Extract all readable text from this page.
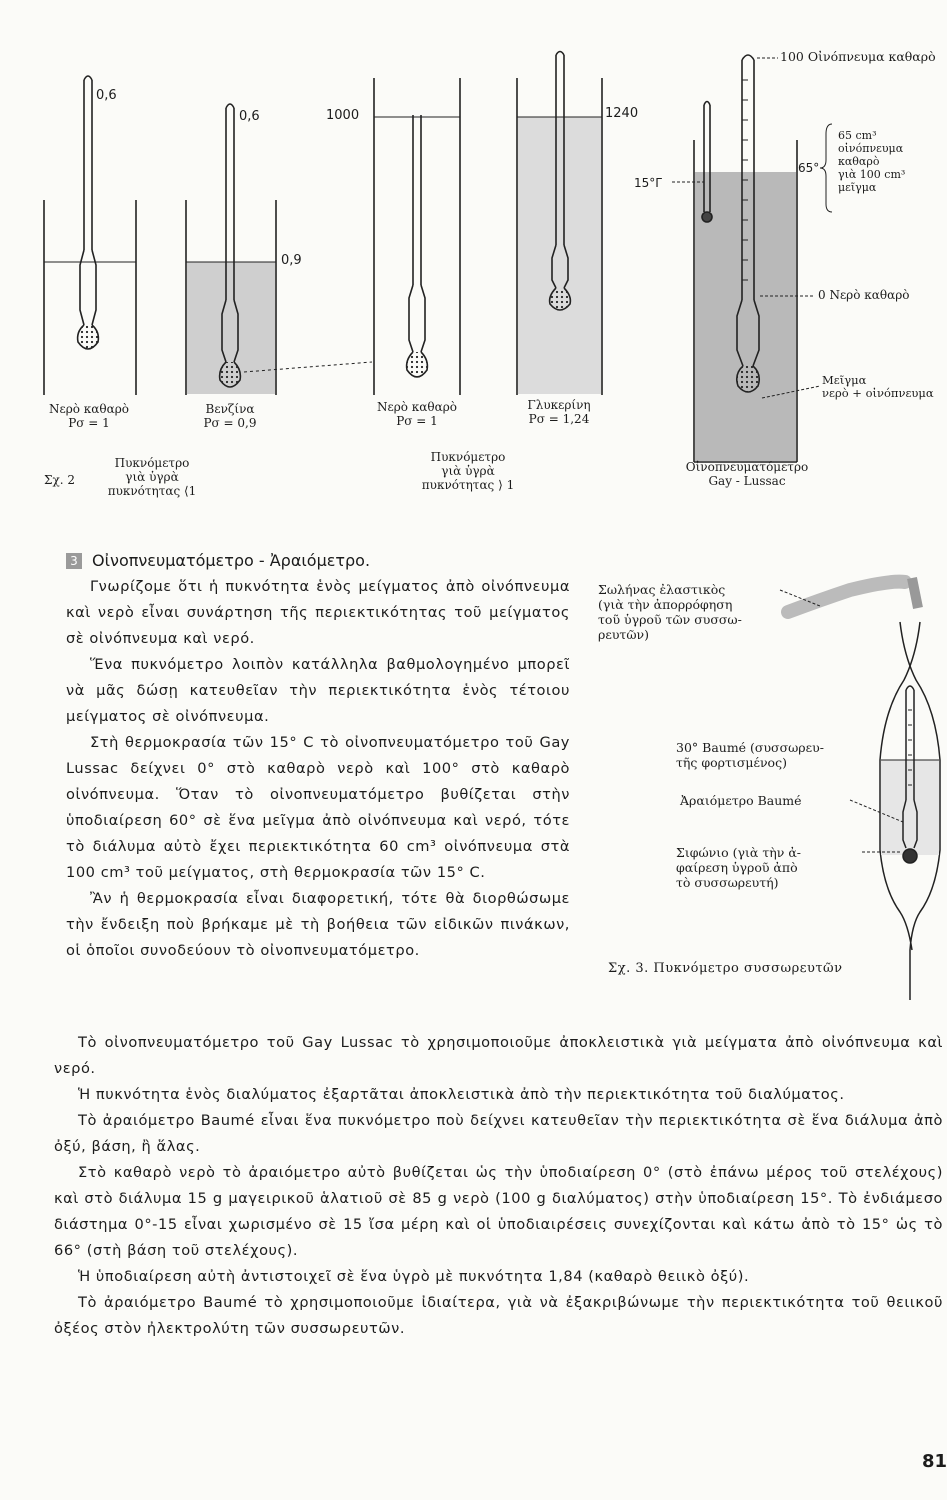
0,6
0,6
0,9
1000	1240
Νερὸ καθαρὸ
Ρσ = 1
Βενζίνα
Ρσ = 0,9
Νερὸ καθαρὸ
Ρσ = 1
Γλυκερίνη
Ρσ = 1,24
Σχ. 2
Πυκνόμετρο
γιὰ ὑγρὰ
πυκνότητας ⟨1
Πυκνόμετρο
γιὰ ὑγρὰ
πυκνότητας ⟩ 1
100 Οἰνόπνευμα καθαρὸ
15°Γ
65°
65 cm³
οἰνόπνευμα
καθαρὸ
γιὰ 100 cm³
μεῖγμα
0 Νερὸ καθαρὸ
Μεῖγμα
νερὸ + οἰνόπνευμα
Οἰνοπνευματόμετρο
Gay - Lussac
3 Οἰνοπνευματόμετρο - Ἀραιόμετρο.

Γνωρίζομε ὅτι ἡ πυκνότητα ἑνὸς μείγματος ἀπὸ οἰνόπνευμα καὶ νερὸ εἶναι συνάρτηση τῆς περιεκτικότητας τοῦ μείγματος σὲ οἰνόπνευμα καὶ νερό.

Ἕνα πυκνόμετρο λοιπὸν κατάλληλα βαθμολογημένο μπορεῖ νὰ μᾶς δώσῃ κατευθεῖαν τὴν περιεκτικότητα ἑνὸς τέτοιου μείγματος σὲ οἰνόπνευμα.

Στὴ θερμοκρασία τῶν 15° C τὸ οἰνοπνευματόμετρο τοῦ Gay Lussac δείχνει 0° στὸ καθαρὸ νερὸ καὶ 100° στὸ καθαρὸ οἰνόπνευμα. Ὅταν τὸ οἰνοπνευματόμετρο βυθίζεται στὴν ὑποδιαίρεση 60° σὲ ἕνα μεῖγμα ἀπὸ οἰνόπνευμα καὶ νερό, τότε τὸ διάλυμα αὐτὸ ἔχει περιεκτικότητα 60 cm³ οἰνόπνευμα στὰ 100 cm³ τοῦ μείγματος, στὴ θερμοκρασία τῶν 15° C.

Ἂν ἡ θερμοκρασία εἶναι διαφορετική, τότε θὰ διορθώσωμε τὴν ἔνδειξη ποὺ βρήκαμε μὲ τὴ βοήθεια τῶν εἰδικῶν πινάκων, οἱ ὁποῖοι συνοδεύουν τὸ οἰνοπνευματόμετρο.

Σωλήνας ἐλαστικὸς
(γιὰ τὴν ἀπορρόφηση
τοῦ ὑγροῦ τῶν συσσω-
ρευτῶν)
30° Baumé (συσσωρευ-
τῆς φορτισμένος)
Ἀραιόμετρο Baumé
Σιφώνιο (γιὰ τὴν ἀ-
φαίρεση ὑγροῦ ἀπὸ
τὸ συσσωρευτή)
Σχ. 3. Πυκνόμετρο συσσωρευτῶν

Τὸ οἰνοπνευματόμετρο τοῦ Gay Lussac τὸ χρησιμοποιοῦμε ἀποκλειστικὰ γιὰ μείγματα ἀπὸ οἰνόπνευμα καὶ νερό.

Ἡ πυκνότητα ἑνὸς διαλύματος ἐξαρτᾶται ἀποκλειστικὰ ἀπὸ τὴν περιεκτικότητα τοῦ διαλύματος.

Τὸ ἀραιόμετρο Baumé εἶναι ἕνα πυκνόμετρο ποὺ δείχνει κατευθεῖαν τὴν περιεκτικότητα σὲ ἕνα διάλυμα ἀπὸ ὀξύ, βάση, ἢ ἅλας.

Στὸ καθαρὸ νερὸ τὸ ἀραιόμετρο αὐτὸ βυθίζεται ὡς τὴν ὑποδιαίρεση 0° (στὸ ἐπάνω μέρος τοῦ στελέχους) καὶ στὸ διάλυμα 15 g μαγειρικοῦ ἁλατιοῦ σὲ 85 g νερὸ (100 g διαλύματος) στὴν ὑποδιαίρεση 15°. Τὸ ἐνδιάμεσο διάστημα 0°-15 εἶναι χωρισμένο σὲ 15 ἴσα μέρη καὶ οἱ ὑποδιαιρέσεις συνεχίζονται καὶ κάτω ἀπὸ τὸ 15° ὡς τὸ 66° (στὴ βάση τοῦ στελέχους).

Ἡ ὑποδιαίρεση αὐτὴ ἀντιστοιχεῖ σὲ ἕνα ὑγρὸ μὲ πυκνότητα 1,84 (καθαρὸ θειικὸ ὀξύ).

Τὸ ἀραιόμετρο Baumé τὸ χρησιμοποιοῦμε ἰδιαίτερα, γιὰ νὰ ἐξακριβώνωμε τὴν περιεκτικότητα τοῦ θειικοῦ ὀξέος στὸν ἠλεκτρολύτη τῶν συσσωρευτῶν.

81
